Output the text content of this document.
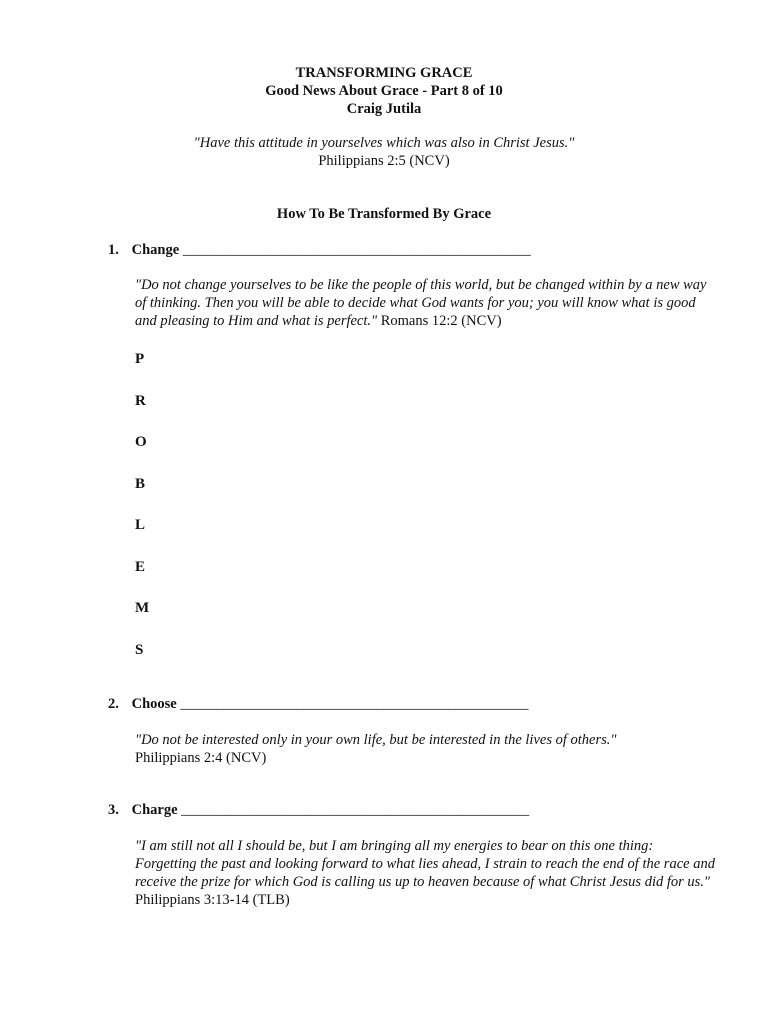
TRANSFORMING GRACE
Good News About Grace - Part 8 of 10
Craig Jutila
"Have this attitude in yourselves which was also in Christ Jesus."
Philippians 2:5 (NCV)
How To Be Transformed By Grace
1. Change ________________________________________________
"Do not change yourselves to be like the people of this world, but be changed within by a new way of thinking. Then you will be able to decide what God wants for you; you will know what is good and pleasing to Him and what is perfect." Romans 12:2 (NCV)
P
R
O
B
L
E
M
S
2. Choose ________________________________________________
"Do not be interested only in your own life, but be interested in the lives of others."
Philippians 2:4 (NCV)
3. Charge ________________________________________________
"I am still not all I should be, but I am bringing all my energies to bear on this one thing: Forgetting the past and looking forward to what lies ahead, I strain to reach the end of the race and receive the prize for which God is calling us up to heaven because of what Christ Jesus did for us." Philippians 3:13-14 (TLB)
